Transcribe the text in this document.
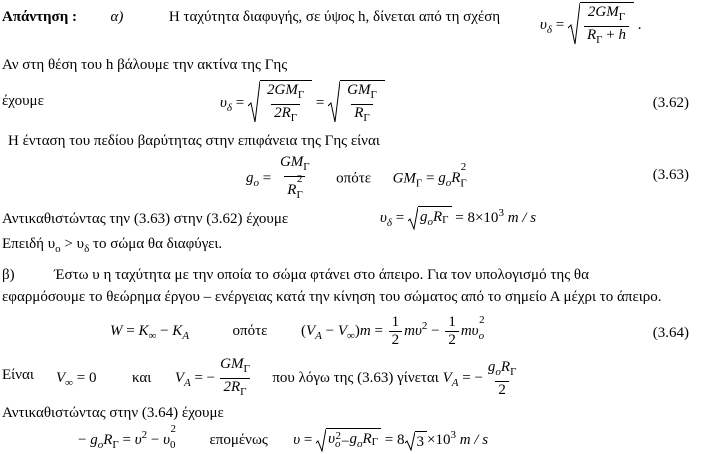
Απάντηση : α)	Η ταχύτητα διαφυγής, σε ύψος h, δίνεται από τη σχέση	$\upsilon_\delta = \frac{2GM_\Gamma}{R_\Gamma + h}$ .
Αν στη θέση του h βάλουμε την ακτίνα της Γης
έχουμε	$\upsilon_\delta = \frac{2GM_\Gamma}{2R_\Gamma} = \frac{GM_\Gamma}{R_\Gamma}$	(3.62)
Η ένταση του πεδίου βαρύτητας στην επιφάνεια της Γης είναι
$g_o = \frac{GM_\Gamma}{R_\Gamma^2}$ οπότε $GM_\Gamma = g_oR_\Gamma^2$	(3.63)
Αντικαθιστώντας την (3.63) στην (3.62) έχουμε	$\upsilon_\delta = g_oR$ $\Gamma = 8\times 10^3$ m / s
Επειδή $\upsilon_o > \upsilon_\delta$ το σώμα θα διαφύγει.
β)	Έστω υ η ταχύτητα με την οποία το σώμα φτάνει στο άπειρο. Για τον υπολογισμό της θα
εφαρμόσουμε το θεώρημα έργου – ενέργειας κατά την κίνηση του σώματος από το σημείο Α μέχρι το άπειρο.
$W = K_\infty - K_A$	οπότε  $(V_A - V_\infty)m = \frac{1}{2} m\upsilon^2 - \frac{1}{2} m\upsilon_o^2$
(3.64)
Είναι $V_\infty = 0$  και $V_A$ = − $\frac{GM_\Gamma}{2R_\Gamma}$ που λόγω της (3.63) γίνεται $V_A$ = − $\frac{g_oR_\Gamma}{2}$
Αντικαθιστώντας στην (3.64) έχουμε
− $g_oR_\Gamma = \upsilon^2 - \upsilon_0^2$  επομένως $\upsilon = \upsilon_o$
$^2 - g_oR$ Γ = 8 $3 \times 10^3$ m / s
